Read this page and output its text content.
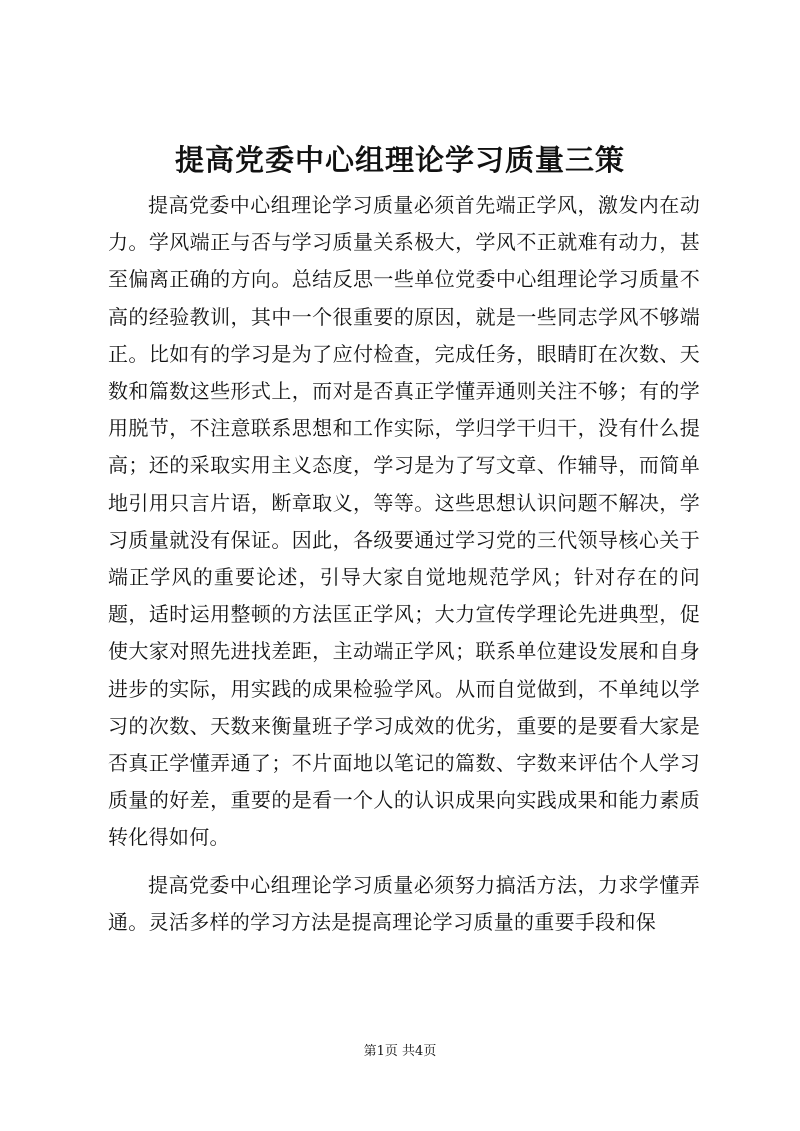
提高党委中心组理论学习质量三策

提高党委中心组理论学习质量必须首先端正学风，激发内在动力。学风端正与否与学习质量关系极大，学风不正就难有动力，甚至偏离正确的方向。总结反思一些单位党委中心组理论学习质量不高的经验教训，其中一个很重要的原因，就是一些同志学风不够端正。比如有的学习是为了应付检查，完成任务，眼睛盯在次数、天数和篇数这些形式上，而对是否真正学懂弄通则关注不够；有的学用脱节，不注意联系思想和工作实际，学归学干归干，没有什么提高；还的采取实用主义态度，学习是为了写文章、作辅导，而简单地引用只言片语，断章取义，等等。这些思想认识问题不解决，学习质量就没有保证。因此，各级要通过学习党的三代领导核心关于端正学风的重要论述，引导大家自觉地规范学风；针对存在的问题，适时运用整顿的方法匡正学风；大力宣传学理论先进典型，促使大家对照先进找差距，主动端正学风；联系单位建设发展和自身进步的实际，用实践的成果检验学风。从而自觉做到，不单纯以学习的次数、天数来衡量班子学习成效的优劣，重要的是要看大家是否真正学懂弄通了；不片面地以笔记的篇数、字数来评估个人学习质量的好差，重要的是看一个人的认识成果向实践成果和能力素质转化得如何。

提高党委中心组理论学习质量必须努力搞活方法，力求学懂弄通。灵活多样的学习方法是提高理论学习质量的重要手段和保

第1页 共4页
